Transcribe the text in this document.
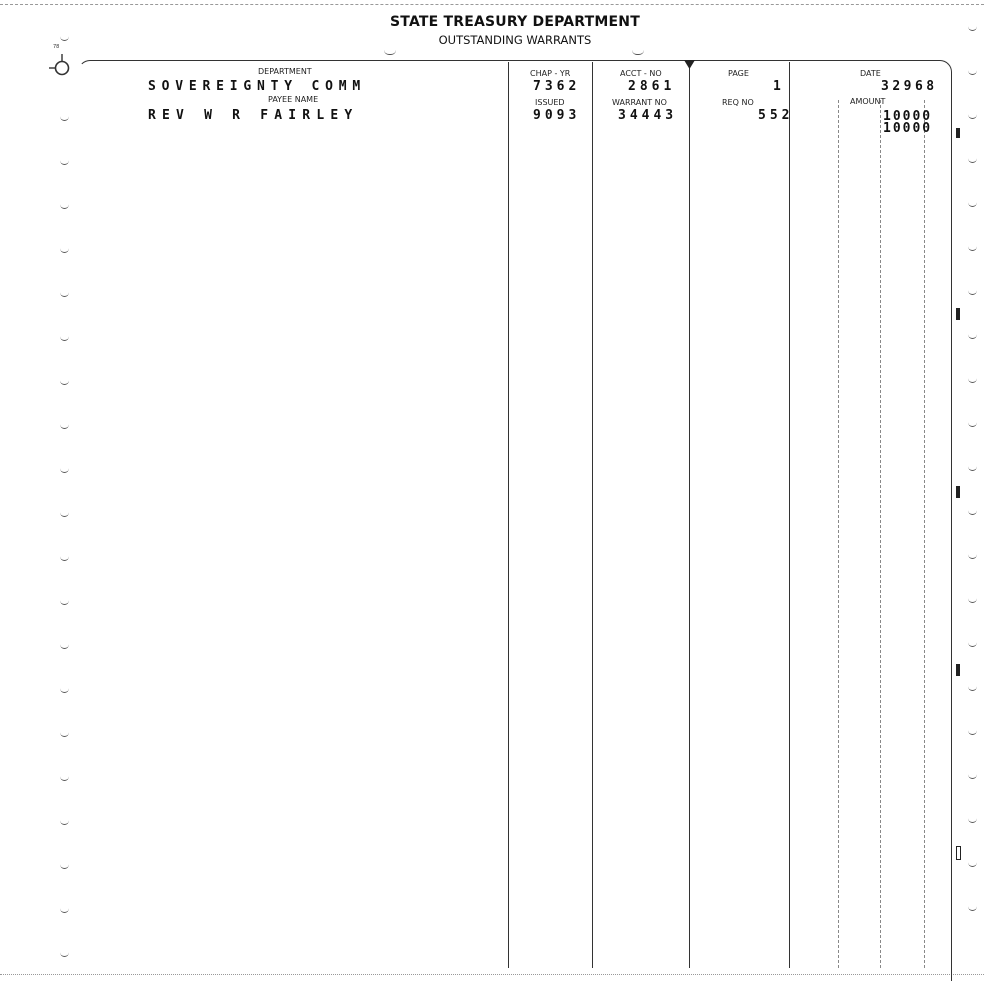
STATE TREASURY DEPARTMENT
OUTSTANDING WARRANTS
78
DEPARTMENT
PAYEE NAME
CHAP - YR
ISSUED
ACCT - NO
WARRANT NO
PAGE
REQ NO
DATE
AMOUNT
SOVEREIGNTY COMM
REV W R FAIRLEY
7362
9093
2861
34443
1
552
32968
10000
10000
